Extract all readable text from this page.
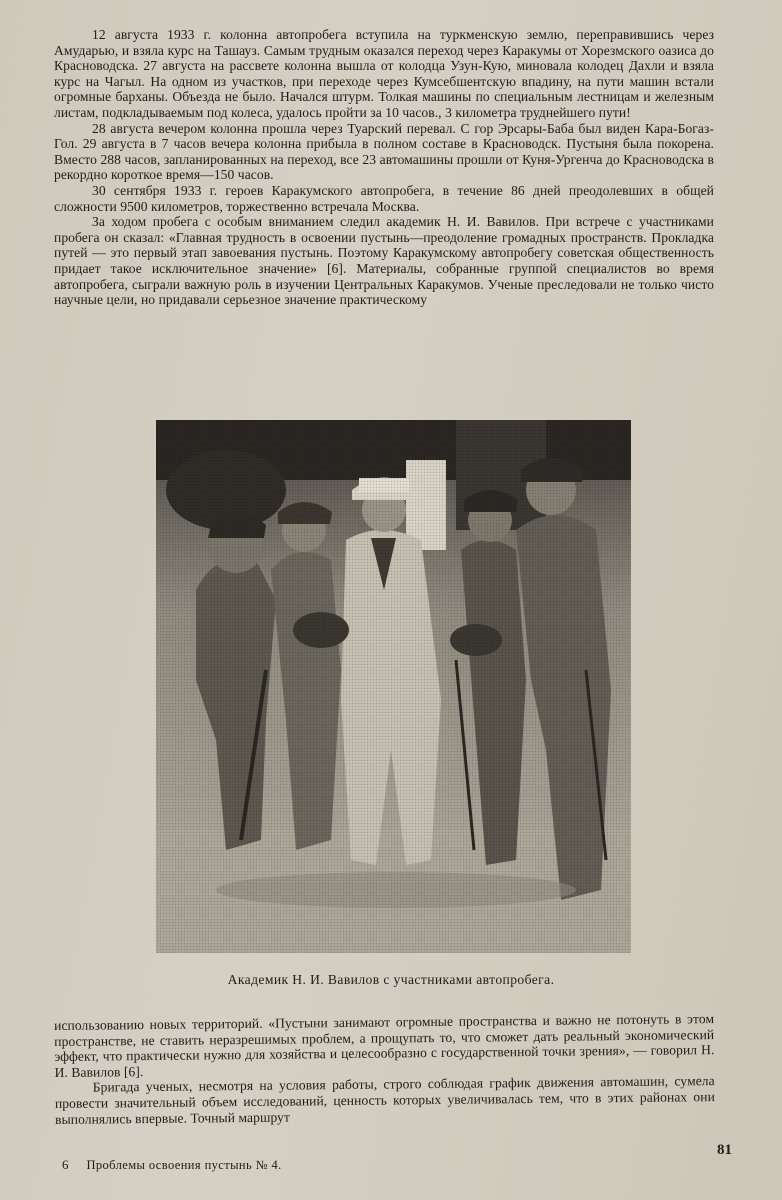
12 августа 1933 г. колонна автопробега вступила на туркменскую землю, переправившись через Амударью, и взяла курс на Ташауз. Самым трудным оказался переход через Каракумы от Хорезмского оазиса до Красноводска. 27 августа на рассвете колонна вышла от колодца Узун-Кую, миновала колодец Дахли и взяла курс на Чагыл. На одном из участков, при переходе через Кумсебшентскую впадину, на пути машин встали огромные барханы. Объезда не было. Начался штурм. Толкая машины по специальным лестницам и железным листам, подкладываемым под колеса, удалось пройти за 10 часов., 3 километра труднейшего пути!

28 августа вечером колонна прошла через Туарский перевал. С гор Эрсары-Баба был виден Кара-Богаз-Гол. 29 августа в 7 часов вечера колонна прибыла в полном составе в Красноводск. Пустыня была покорена. Вместо 288 часов, запланированных на переход, все 23 автомашины прошли от Куня-Ургенча до Красноводска в рекордно короткое время—150 часов.

30 сентября 1933 г. героев Каракумского автопробега, в течение 86 дней преодолевших в общей сложности 9500 километров, торжественно встречала Москва.

За ходом пробега с особым вниманием следил академик Н. И. Вавилов. При встрече с участниками пробега он сказал: «Главная трудность в освоении пустынь—преодоление громадных пространств. Прокладка путей — это первый этап завоевания пустынь. Поэтому Каракумскому автопробегу советская общественность придает такое исключительное значение» [6]. Материалы, собранные группой специалистов во время автопробега, сыграли важную роль в изучении Центральных Каракумов. Ученые преследовали не только чисто научные цели, но придавали серьезное значение практическому

Академик Н. И. Вавилов с участниками автопробега.

использованию новых территорий. «Пустыни занимают огромные пространства и важно не потонуть в этом пространстве, не ставить неразрешимых проблем, а прощупать то, что сможет дать реальный экономический эффект, что практически нужно для хозяйства и целесообразно с государственной точки зрения», — говорил Н. И. Вавилов [6].

Бригада ученых, несмотря на условия работы, строго соблюдая график движения автомашин, сумела провести значительный объем исследований, ценность которых увеличивалась тем, что в этих районах они выполнялись впервые. Точный маршрут

6 Проблемы освоения пустынь № 4.
81
